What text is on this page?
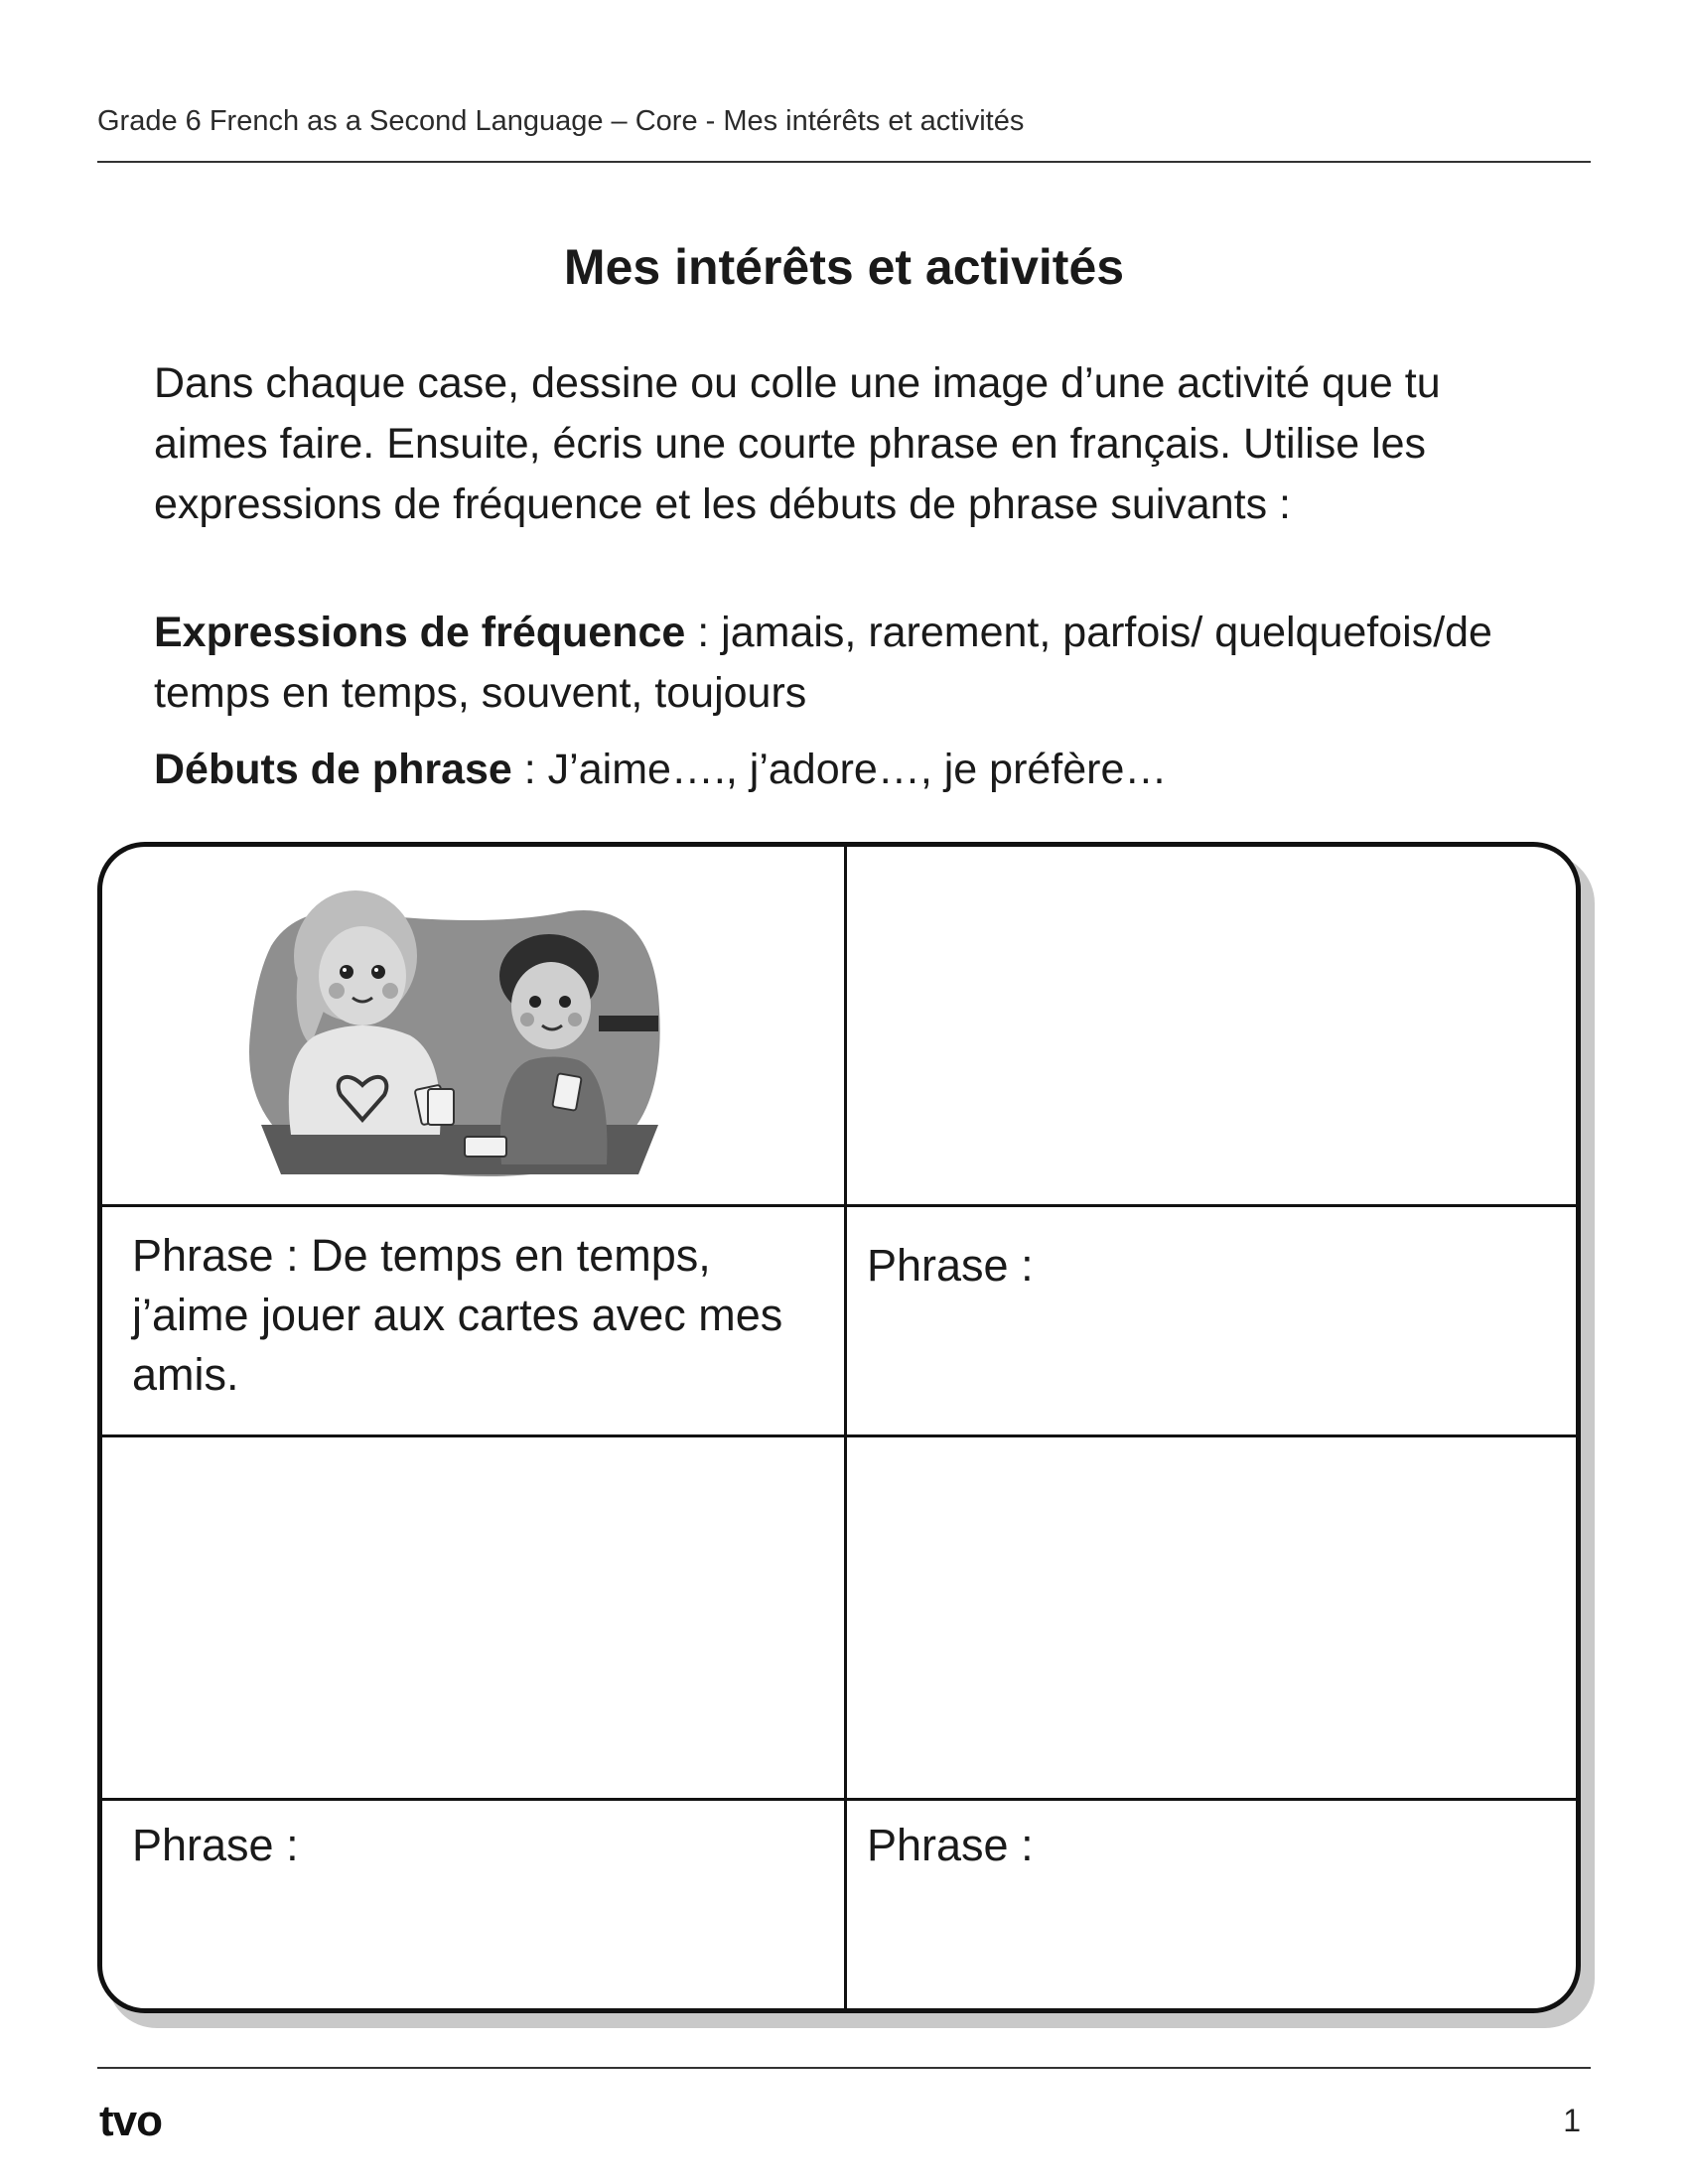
Grade 6 French as a Second Language – Core - Mes intérêts et activités
Mes intérêts et activités

Dans chaque case, dessine ou colle une image d’une activité que tu aimes faire. Ensuite, écris une courte phrase en français. Utilise les expressions de fréquence et les débuts de phrase suivants :

Expressions de fréquence : jamais, rarement, parfois/ quelquefois/de temps en temps, souvent, toujours
Débuts de phrase : J’aime…., j’adore…, je préfère…
Phrase : De temps en temps, j’aime jouer aux cartes avec mes amis.
Phrase :
Phrase :	Phrase :
tvo	1
